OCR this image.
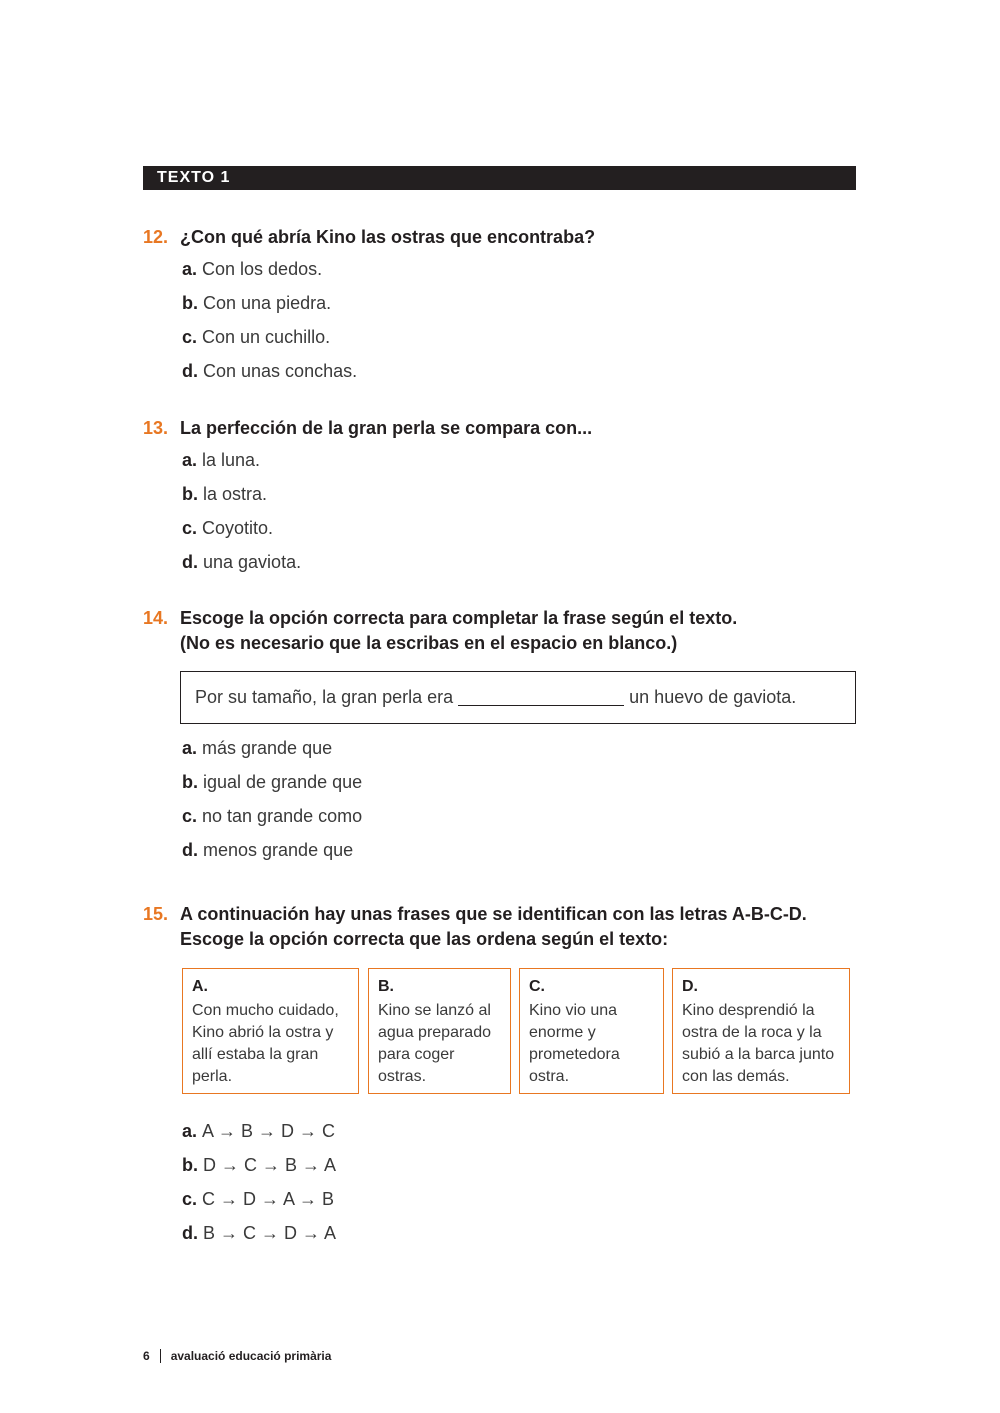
TEXTO 1
12. ¿Con qué abría Kino las ostras que encontraba?
a. Con los dedos.
b. Con una piedra.
c. Con un cuchillo.
d. Con unas conchas.
13. La perfección de la gran perla se compara con...
a. la luna.
b. la ostra.
c. Coyotito.
d. una gaviota.
14. Escoge la opción correcta para completar la frase según el texto.
(No es necesario que la escribas en el espacio en blanco.)
Por su tamaño, la gran perla era	un huevo de gaviota.
a. más grande que
b. igual de grande que
c. no tan grande como
d. menos grande que
15. A continuación hay unas frases que se identifican con las letras A-B-C-D.
Escoge la opción correcta que las ordena según el texto:
A.
Con mucho cuidado, Kino abrió la ostra y allí estaba la gran perla.
B.
Kino se lanzó al agua preparado para coger ostras.
C.
Kino vio una enorme y prometedora ostra.
D.
Kino desprendió la ostra de la roca y la subió a la barca junto con las demás.
a. A → B → D → C
b. D → C → B → A
c. C → D → A → B
d. B → C → D → A
6 avaluació educació primària
